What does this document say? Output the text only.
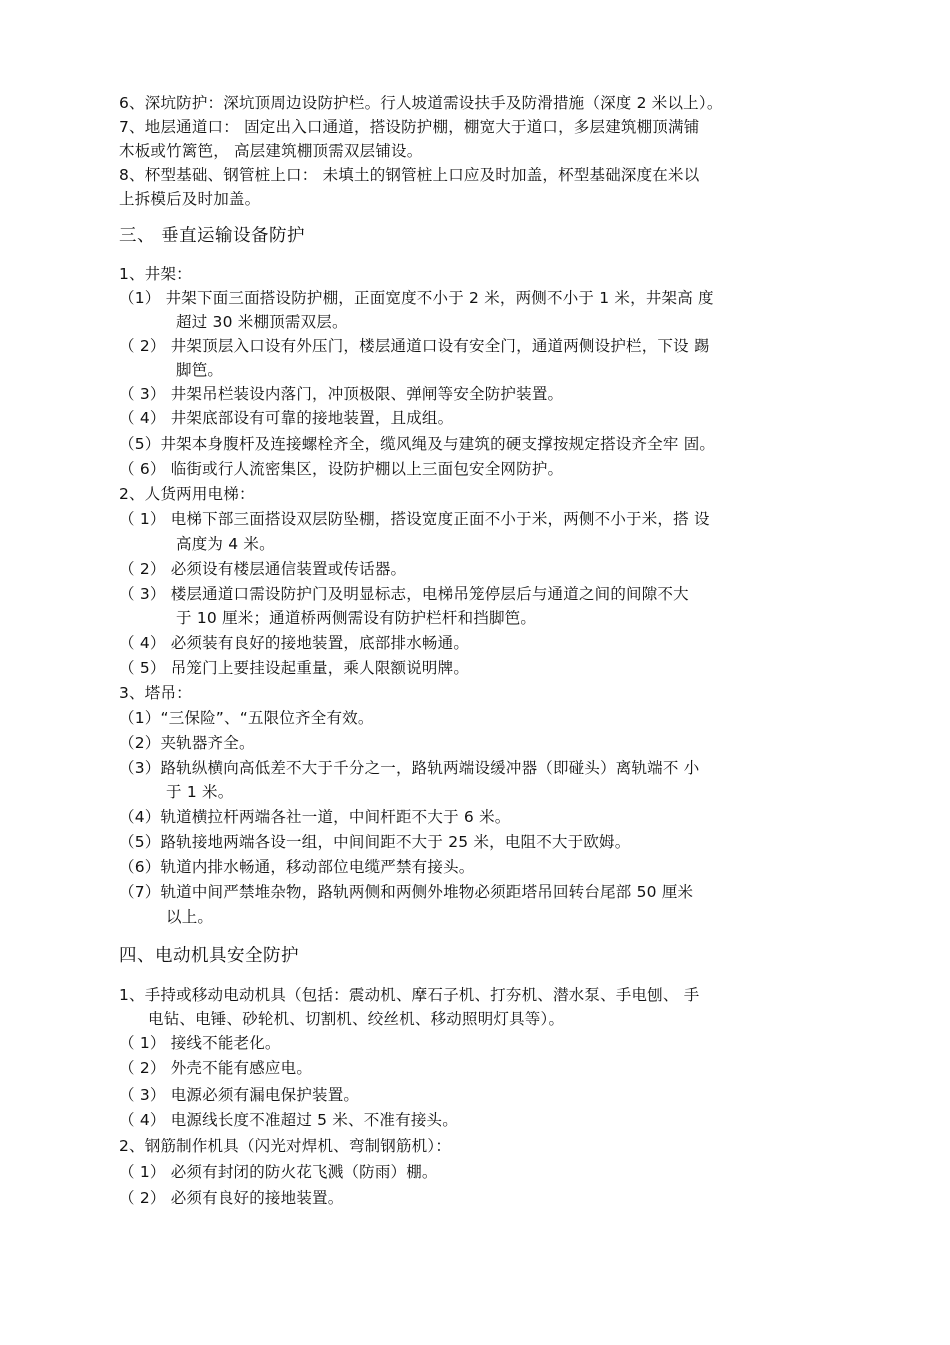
6、深坑防护：深坑顶周边设防护栏。行人坡道需设扶手及防滑措施（深度 2 米以上）。
7、地层通道口： 固定出入口通道，搭设防护棚，棚宽大于道口，多层建筑棚顶满铺
木板或竹篱笆， 高层建筑棚顶需双层铺设。
8、杯型基础、钢管桩上口： 未填土的钢管桩上口应及时加盖，杯型基础深度在米以
上拆模后及时加盖。
三、 垂直运输设备防护
1、井架：
（1） 井架下面三面搭设防护棚，正面宽度不小于 2 米，两侧不小于 1 米，井架高 度
超过 30 米棚顶需双层。
（ 2） 井架顶层入口设有外压门，楼层通道口设有安全门，通道两侧设护栏，下设 踢
脚笆。
（ 3） 井架吊栏装设内落门，冲顶极限、弹闸等安全防护装置。
（ 4） 井架底部设有可靠的接地装置，且成组。
（5）井架本身腹杆及连接螺栓齐全，缆风绳及与建筑的硬支撑按规定搭设齐全牢 固。
（ 6） 临街或行人流密集区，设防护棚以上三面包安全网防护。
2、人货两用电梯：
（ 1） 电梯下部三面搭设双层防坠棚，搭设宽度正面不小于米，两侧不小于米，搭 设
高度为 4 米。
（ 2） 必须设有楼层通信装置或传话器。
（ 3） 楼层通道口需设防护门及明显标志，电梯吊笼停层后与通道之间的间隙不大
于 10 厘米；通道桥两侧需设有防护栏杆和挡脚笆。
（ 4） 必须装有良好的接地装置，底部排水畅通。
（ 5） 吊笼门上要挂设起重量，乘人限额说明牌。
3、塔吊：
（1）“三保险”、“五限位齐全有效。
（2）夹轨器齐全。
（3）路轨纵横向高低差不大于千分之一，路轨两端设缓冲器（即碰头）离轨端不 小
于 1 米。
（4）轨道横拉杆两端各社一道，中间杆距不大于 6 米。
（5）路轨接地两端各设一组，中间间距不大于 25 米，电阻不大于欧姆。
（6）轨道内排水畅通，移动部位电缆严禁有接头。
（7）轨道中间严禁堆杂物，路轨两侧和两侧外堆物必须距塔吊回转台尾部 50 厘米
以上。
四、电动机具安全防护
1、手持或移动电动机具（包括：震动机、摩石子机、打夯机、潜水泵、手电刨、 手
电钻、电锤、砂轮机、切割机、绞丝机、移动照明灯具等）。
（ 1） 接线不能老化。
（ 2） 外壳不能有感应电。
（ 3） 电源必须有漏电保护装置。
（ 4） 电源线长度不准超过 5 米、不准有接头。
2、钢筋制作机具（闪光对焊机、弯制钢筋机）：
（ 1） 必须有封闭的防火花飞溅（防雨）棚。
（ 2） 必须有良好的接地装置。
